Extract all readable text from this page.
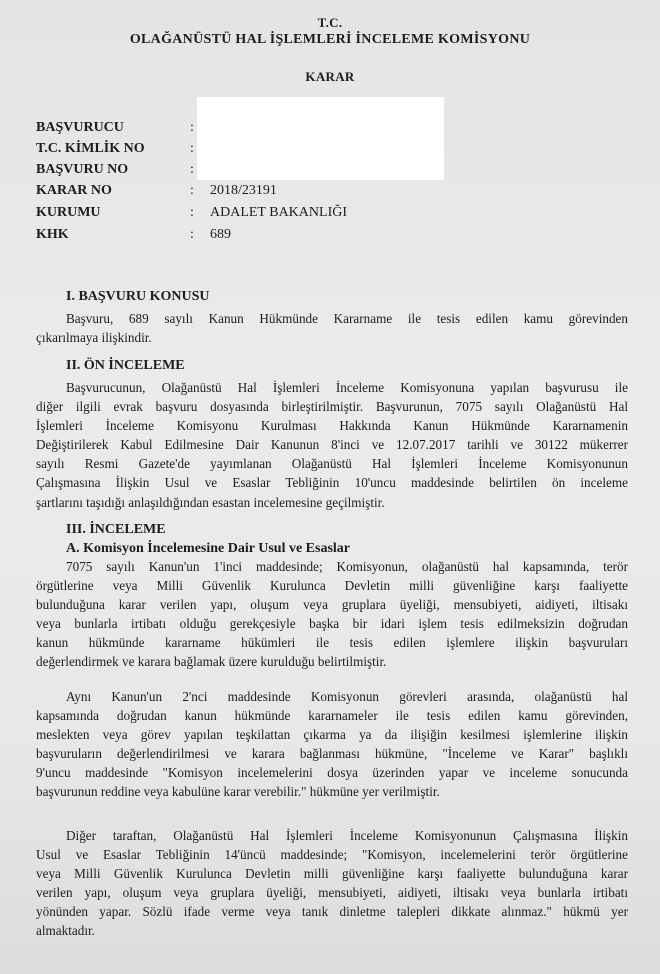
T.C.
OLAĞANÜSTÜ HAL İŞLEMLERİ İNCELEME KOMİSYONU
KARAR
BAŞVURUCU	:
T.C. KİMLİK NO	:
BAŞVURU NO	:
KARAR NO	: 2018/23191
KURUMU	: ADALET BAKANLIĞI
KHK	: 689
I. BAŞVURU KONUSU
Başvuru, 689 sayılı Kanun Hükmünde Kararname ile tesis edilen kamu görevinden
çıkarılmaya ilişkindir.
II. ÖN İNCELEME
Başvurucunun, Olağanüstü Hal İşlemleri İnceleme Komisyonuna yapılan başvurusu ile
diğer ilgili evrak başvuru dosyasında birleştirilmiştir. Başvurunun, 7075 sayılı Olağanüstü Hal
İşlemleri İnceleme Komisyonu Kurulması Hakkında Kanun Hükmünde Kararnamenin
Değiştirilerek Kabul Edilmesine Dair Kanunun 8'inci ve 12.07.2017 tarihli ve 30122 mükerrer
sayılı Resmi Gazete'de yayımlanan Olağanüstü Hal İşlemleri İnceleme Komisyonunun
Çalışmasına İlişkin Usul ve Esaslar Tebliğinin 10'uncu maddesinde belirtilen ön inceleme
şartlarını taşıdığı anlaşıldığından esastan incelemesine geçilmiştir.
III. İNCELEME
A. Komisyon İncelemesine Dair Usul ve Esaslar
7075 sayılı Kanun'un 1'inci maddesinde; Komisyonun, olağanüstü hal kapsamında, terör
örgütlerine veya Milli Güvenlik Kurulunca Devletin milli güvenliğine karşı faaliyette
bulunduğuna karar verilen yapı, oluşum veya gruplara üyeliği, mensubiyeti, aidiyeti, iltisakı
veya bunlarla irtibatı olduğu gerekçesiyle başka bir idari işlem tesis edilmeksizin doğrudan
kanun hükmünde kararname hükümleri ile tesis edilen işlemlere ilişkin başvuruları
değerlendirmek ve karara bağlamak üzere kurulduğu belirtilmiştir.
Aynı Kanun'un 2'nci maddesinde Komisyonun görevleri arasında, olağanüstü hal
kapsamında doğrudan kanun hükmünde kararnameler ile tesis edilen kamu görevinden,
meslekten veya görev yapılan teşkilattan çıkarma ya da ilişiğin kesilmesi işlemlerine ilişkin
başvuruların değerlendirilmesi ve karara bağlanması hükmüne, "İnceleme ve Karar" başlıklı
9'uncu maddesinde "Komisyon incelemelerini dosya üzerinden yapar ve inceleme sonucunda
başvurunun reddine veya kabulüne karar verebilir." hükmüne yer verilmiştir.
Diğer taraftan, Olağanüstü Hal İşlemleri İnceleme Komisyonunun Çalışmasına İlişkin
Usul ve Esaslar Tebliğinin 14'üncü maddesinde; "Komisyon, incelemelerini terör örgütlerine
veya Milli Güvenlik Kurulunca Devletin milli güvenliğine karşı faaliyette bulunduğuna karar
verilen yapı, oluşum veya gruplara üyeliği, mensubiyeti, aidiyeti, iltisakı veya bunlarla irtibatı
yönünden yapar. Sözlü ifade verme veya tanık dinletme talepleri dikkate alınmaz." hükmü yer
almaktadır.
